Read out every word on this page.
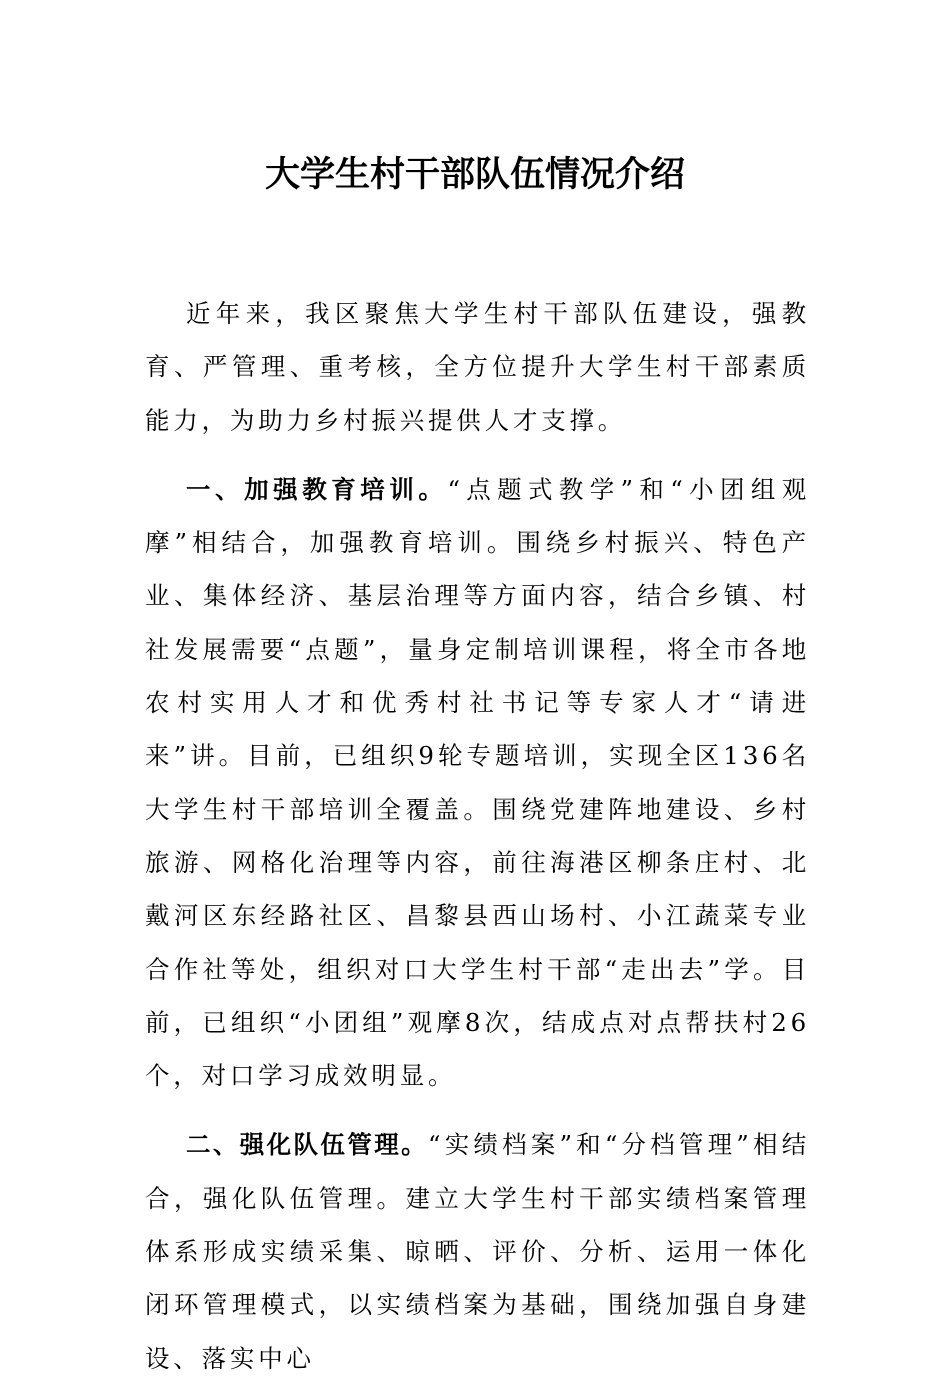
大学生村干部队伍情况介绍

近年来，我区聚焦大学生村干部队伍建设，强教育、严管理、重考核，全方位提升大学生村干部素质能力，为助力乡村振兴提供人才支撑。

一、加强教育培训。“点题式教学”和“小团组观摩”相结合，加强教育培训。围绕乡村振兴、特色产业、集体经济、基层治理等方面内容，结合乡镇、村社发展需要“点题”，量身定制培训课程，将全市各地农村实用人才和优秀村社书记等专家人才“请进来”讲。目前，已组织9轮专题培训，实现全区136名大学生村干部培训全覆盖。围绕党建阵地建设、乡村旅游、网格化治理等内容，前往海港区柳条庄村、北戴河区东经路社区、昌黎县西山场村、小江蔬菜专业合作社等处，组织对口大学生村干部“走出去”学。目前，已组织“小团组”观摩8次，结成点对点帮扶村26个，对口学习成效明显。

二、强化队伍管理。“实绩档案”和“分档管理”相结合，强化队伍管理。建立大学生村干部实绩档案管理体系形成实绩采集、晾晒、评价、分析、运用一体化闭环管理模式，以实绩档案为基础，围绕加强自身建设、落实中心
